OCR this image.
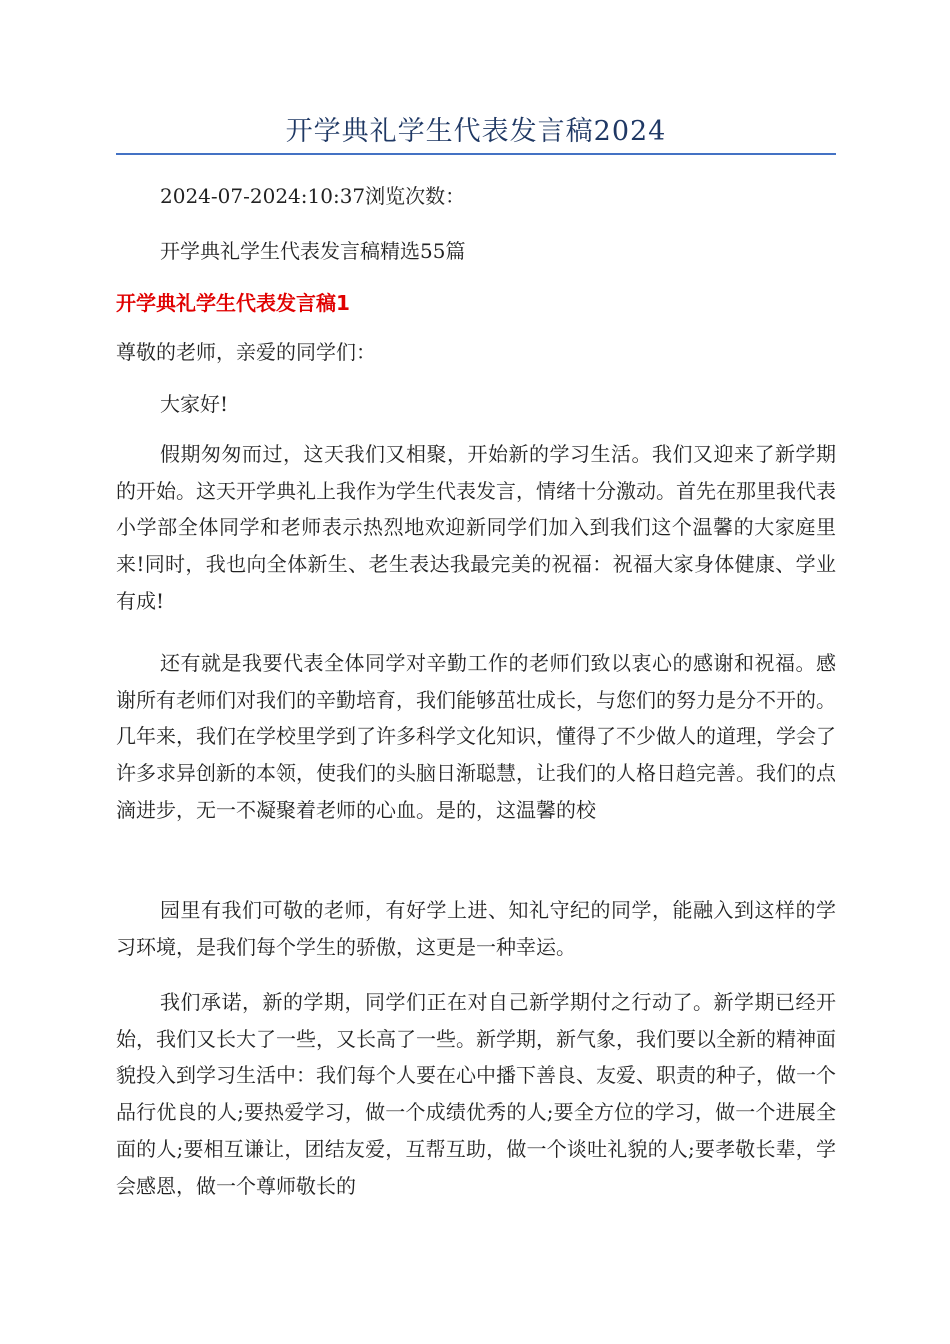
开学典礼学生代表发言稿2024
2024-07-2024:10:37浏览次数：
开学典礼学生代表发言稿精选55篇
开学典礼学生代表发言稿1
尊敬的老师，亲爱的同学们：
大家好!

假期匆匆而过，这天我们又相聚，开始新的学习生活。我们又迎来了新学期的开始。这天开学典礼上我作为学生代表发言，情绪十分激动。首先在那里我代表小学部全体同学和老师表示热烈地欢迎新同学们加入到我们这个温馨的大家庭里来!同时，我也向全体新生、老生表达我最完美的祝福：祝福大家身体健康、学业有成!

还有就是我要代表全体同学对辛勤工作的老师们致以衷心的感谢和祝福。感谢所有老师们对我们的辛勤培育，我们能够茁壮成长，与您们的努力是分不开的。几年来，我们在学校里学到了许多科学文化知识，懂得了不少做人的道理，学会了许多求异创新的本领，使我们的头脑日渐聪慧，让我们的人格日趋完善。我们的点滴进步，无一不凝聚着老师的心血。是的，这温馨的校

园里有我们可敬的老师，有好学上进、知礼守纪的同学，能融入到这样的学习环境，是我们每个学生的骄傲，这更是一种幸运。

我们承诺，新的学期，同学们正在对自己新学期付之行动了。新学期已经开始，我们又长大了一些，又长高了一些。新学期，新气象，我们要以全新的精神面貌投入到学习生活中：我们每个人要在心中播下善良、友爱、职责的种子，做一个品行优良的人;要热爱学习，做一个成绩优秀的人;要全方位的学习，做一个进展全面的人;要相互谦让，团结友爱，互帮互助，做一个谈吐礼貌的人;要孝敬长辈，学会感恩，做一个尊师敬长的
